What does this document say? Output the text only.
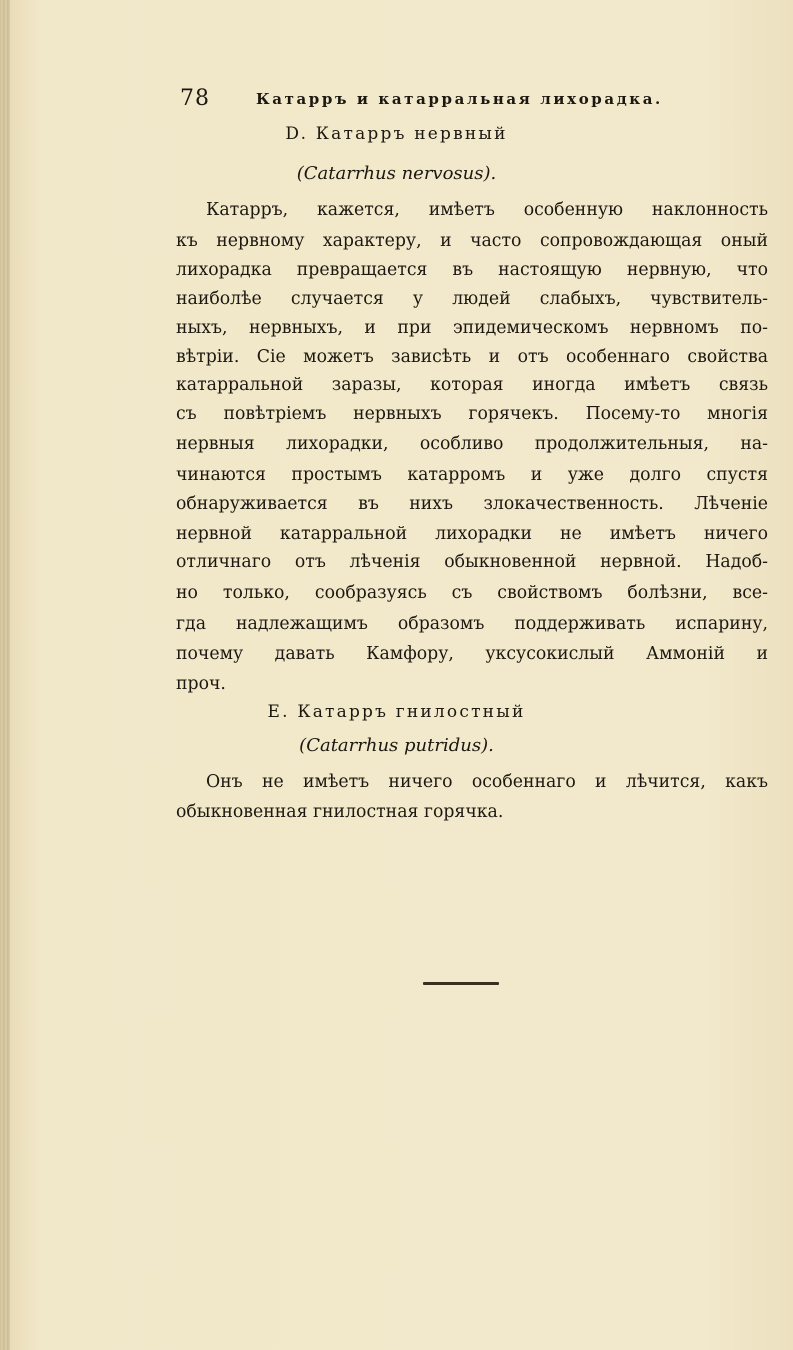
78	Катарръ и катарральная лихорадка.
D. Катарръ нервный
(Catarrhus nervosus).
Катарръ, кажется, имѣетъ особенную наклонность
къ нервному характеру, и часто сопровождающая оный
лихорадка превращается въ настоящую нервную, что
наиболѣе случается у людей слабыхъ, чувствитель-
ныхъ, нервныхъ, и при эпидемическомъ нервномъ по-
вѣтріи. Сіе можетъ зависѣть и отъ особеннаго свойства
катарральной заразы, которая иногда имѣетъ связь
съ повѣтріемъ нервныхъ горячекъ. Посему-то многія
нервныя лихорадки, особливо продолжительныя, на-
чинаются простымъ катарромъ и уже долго спустя
обнаруживается въ нихъ злокачественность. Лѣченіе
нервной катарральной лихорадки не имѣетъ ничего
отличнаго отъ лѣченія обыкновенной нервной. Надоб-
но только, сообразуясь съ свойствомъ болѣзни, все-
гда надлежащимъ образомъ поддерживать испарину,
почему давать Камфору, уксусокислый Аммоній и
проч.
E. Катарръ гнилостный
(Catarrhus putridus).
Онъ не имѣетъ ничего особеннаго и лѣчится, какъ
обыкновенная гнилостная горячка.
